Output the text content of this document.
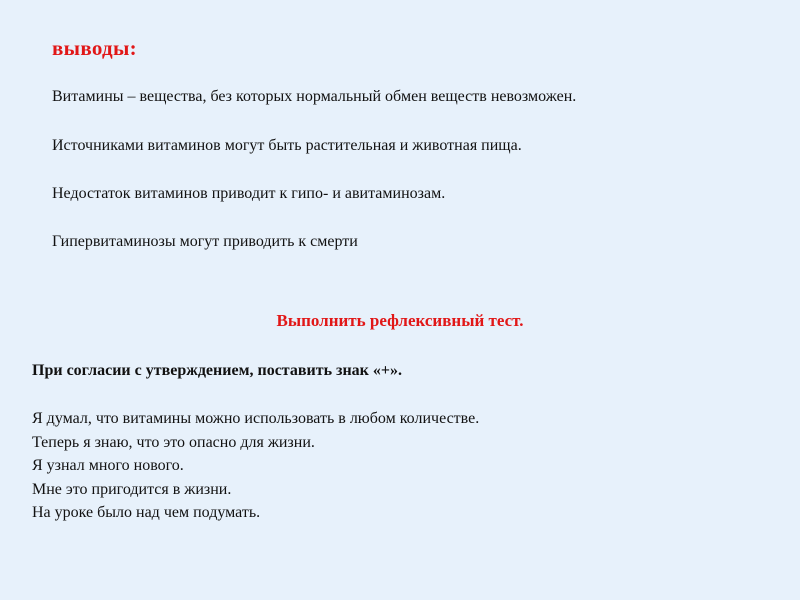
выводы:
Витамины – вещества, без которых нормальный обмен веществ невозможен.
Источниками витаминов могут быть растительная и животная пища.
Недостаток витаминов приводит к гипо- и авитаминозам.
Гипервитаминозы могут приводить к смерти
Выполнить рефлексивный тест.
При согласии с утверждением, поставить знак «+».
Я думал, что витамины можно использовать в любом количестве.
Теперь я знаю, что это опасно для жизни.
Я узнал много нового.
Мне это пригодится в жизни.
На уроке было над чем подумать.
